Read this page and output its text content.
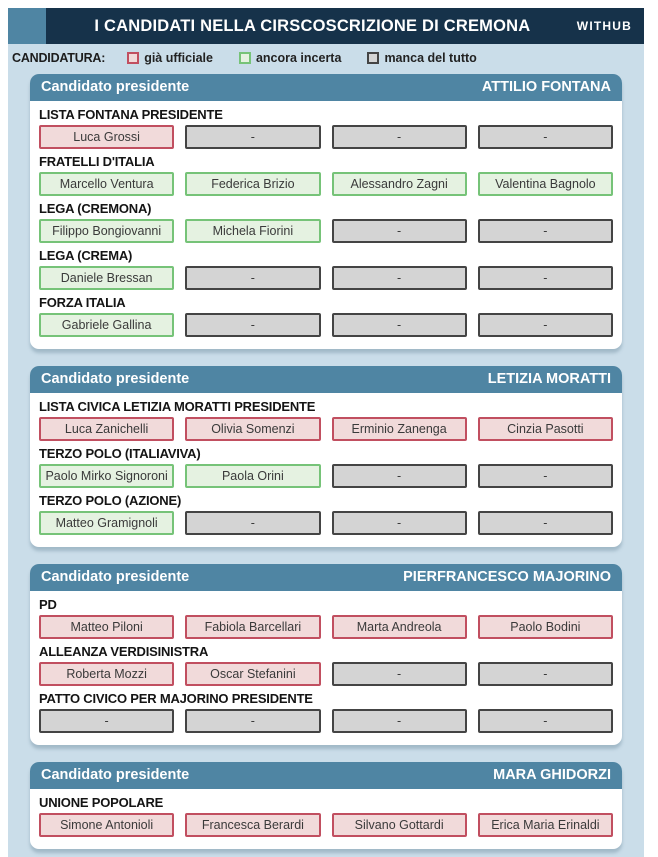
I CANDIDATI NELLA CIRSCOSCRIZIONE DI CREMONA	WITHUB
CANDIDATURA:	già ufficiale	ancora incerta	manca del tutto
Candidato presidente	ATTILIO FONTANA
LISTA FONTANA PRESIDENTE
Luca Grossi	-	-	-
FRATELLI D'ITALIA
Marcello Ventura	Federica Brizio	Alessandro Zagni	Valentina Bagnolo
LEGA (CREMONA)
Filippo Bongiovanni	Michela Fiorini	-	-
LEGA (CREMA)
Daniele Bressan	-	-	-
FORZA ITALIA
Gabriele Gallina	-	-	-
Candidato presidente	LETIZIA MORATTI
LISTA CIVICA LETIZIA MORATTI PRESIDENTE
Luca Zanichelli	Olivia Somenzi	Erminio Zanenga	Cinzia Pasotti
TERZO POLO (ITALIAVIVA)
Paolo Mirko Signoroni	Paola Orini	-	-
TERZO POLO (AZIONE)
Matteo Gramignoli	-	-	-
Candidato presidente	PIERFRANCESCO MAJORINO
PD
Matteo Piloni	Fabiola Barcellari	Marta Andreola	Paolo Bodini
ALLEANZA VERDISINISTRA
Roberta Mozzi	Oscar Stefanini	-	-
PATTO CIVICO PER MAJORINO PRESIDENTE
-	-	-	-
Candidato presidente	MARA GHIDORZI
UNIONE POPOLARE
Simone Antonioli	Francesca Berardi	Silvano Gottardi	Erica Maria Erinaldi
